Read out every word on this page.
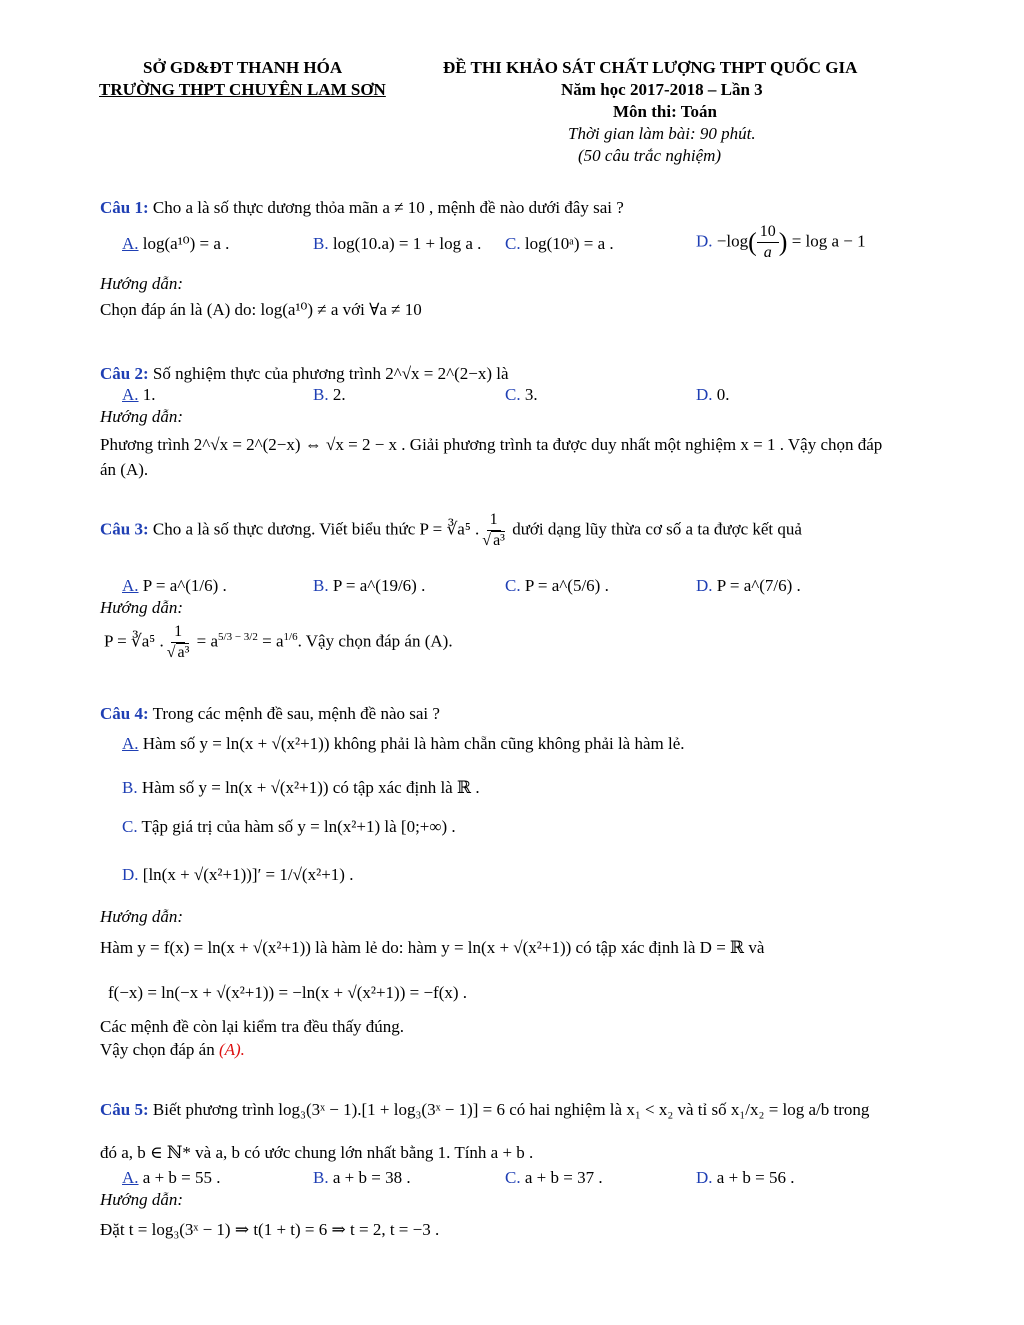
SỞ GD&ĐT THANH HÓA
TRƯỜNG THPT CHUYÊN LAM SƠN
ĐỀ THI KHẢO SÁT CHẤT LƯỢNG THPT QUỐC GIA
Năm học 2017-2018 – Lần 3
Môn thi: Toán
Thời gian làm bài: 90 phút.
(50 câu trắc nghiệm)
Câu 1: Cho a là số thực dương thỏa mãn a ≠ 10 , mệnh đề nào dưới đây sai ?
A. log(a¹⁰) = a .	B. log(10.a) = 1 + log a . C. log(10ᵃ) = a .	D. $-\log( \frac{10}{a}$ ) = log a − 1
Hướng dẫn:
Chọn đáp án là (A) do: log(a¹⁰) ≠ a với ∀a ≠ 10
Câu 2: Số nghiệm thực của phương trình 2^√x = 2^(2−x) là
A. 1.	B. 2.	C. 3.	D. 0.
Hướng dẫn:
Phương trình 2^√x = 2^(2−x) ⇔ √x = 2 − x . Giải phương trình ta được duy nhất một nghiệm x = 1 . Vậy chọn đáp
án (A).
Câu 3: Cho a là số thực dương. Viết biểu thức P = ∛a⁵ . $\frac{1}{\text{√ a³}}$ dưới dạng lũy thừa cơ số a ta được kết quả
A. P = a^(1/6) .	B. P = a^(19/6) .	C. P = a^(5/6) .	D. P = a^(7/6) .
Hướng dẫn:
P = ∛a⁵ . $\frac{1}{\text{√ a³}} = a^{5/3 - 3/2} = a^{1/6}$. Vậy chọn đáp án (A).
Câu 4: Trong các mệnh đề sau, mệnh đề nào sai ?
A. Hàm số y = ln(x + √(x²+1)) không phải là hàm chẵn cũng không phải là hàm lẻ.
B. Hàm số y = ln(x + √(x²+1)) có tập xác định là ℝ .
C. Tập giá trị của hàm số y = ln(x²+1) là [0;+∞) .
D. [ln(x + √(x²+1))]′ = 1/√(x²+1) .
Hướng dẫn:
Hàm y = f(x) = ln(x + √(x²+1)) là hàm lẻ do: hàm y = ln(x + √(x²+1)) có tập xác định là D = ℝ và
f(−x) = ln(−x + √(x²+1)) = −ln(x + √(x²+1)) = −f(x) .
Các mệnh đề còn lại kiểm tra đều thấy đúng.
Vậy chọn đáp án (A).
Câu 5: Biết phương trình log₃(3ˣ − 1).[1 + log₃(3ˣ − 1)] = 6 có hai nghiệm là x₁ < x₂ và tỉ số x₁/x₂ = log a/b trong
đó a, b ∈ ℕ* và a, b có ước chung lớn nhất bằng 1. Tính a + b .
A. a + b = 55 .	B. a + b = 38 .	C. a + b = 37 .	D. a + b = 56 .
Hướng dẫn:
Đặt t = log₃(3ˣ − 1) ⇒ t(1 + t) = 6 ⇒ t = 2, t = −3 .
